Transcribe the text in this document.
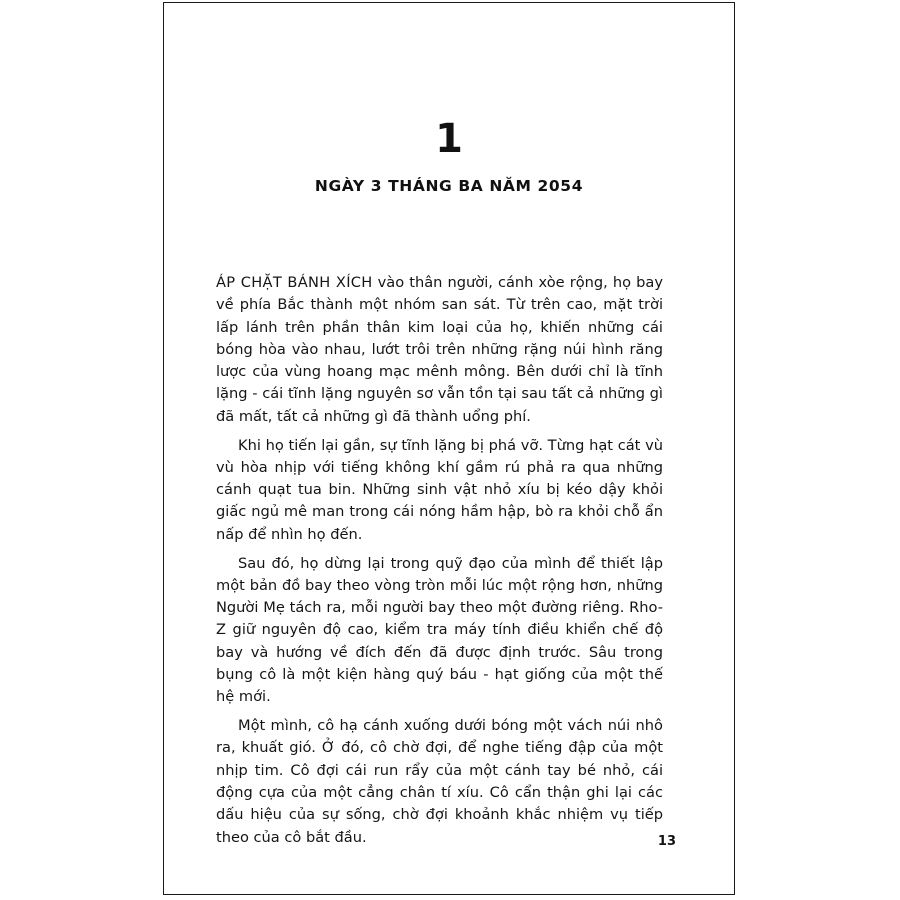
1
NGÀY 3 THÁNG BA NĂM 2054

ÁP CHẶT BÁNH XÍCH vào thân người, cánh xòe rộng, họ bay về phía Bắc thành một nhóm san sát. Từ trên cao, mặt trời lấp lánh trên phần thân kim loại của họ, khiến những cái bóng hòa vào nhau, lướt trôi trên những rặng núi hình răng lược của vùng hoang mạc mênh mông. Bên dưới chỉ là tĩnh lặng - cái tĩnh lặng nguyên sơ vẫn tồn tại sau tất cả những gì đã mất, tất cả những gì đã thành uổng phí.

Khi họ tiến lại gần, sự tĩnh lặng bị phá vỡ. Từng hạt cát vù vù hòa nhịp với tiếng không khí gầm rú phả ra qua những cánh quạt tua bin. Những sinh vật nhỏ xíu bị kéo dậy khỏi giấc ngủ mê man trong cái nóng hầm hập, bò ra khỏi chỗ ẩn nấp để nhìn họ đến.

Sau đó, họ dừng lại trong quỹ đạo của mình để thiết lập một bản đồ bay theo vòng tròn mỗi lúc một rộng hơn, những Người Mẹ tách ra, mỗi người bay theo một đường riêng. Rho-Z giữ nguyên độ cao, kiểm tra máy tính điều khiển chế độ bay và hướng về đích đến đã được định trước. Sâu trong bụng cô là một kiện hàng quý báu - hạt giống của một thế hệ mới.

Một mình, cô hạ cánh xuống dưới bóng một vách núi nhô ra, khuất gió. Ở đó, cô chờ đợi, để nghe tiếng đập của một nhịp tim. Cô đợi cái run rẩy của một cánh tay bé nhỏ, cái động cựa của một cẳng chân tí xíu. Cô cẩn thận ghi lại các dấu hiệu của sự sống, chờ đợi khoảnh khắc nhiệm vụ tiếp theo của cô bắt đầu.	13
